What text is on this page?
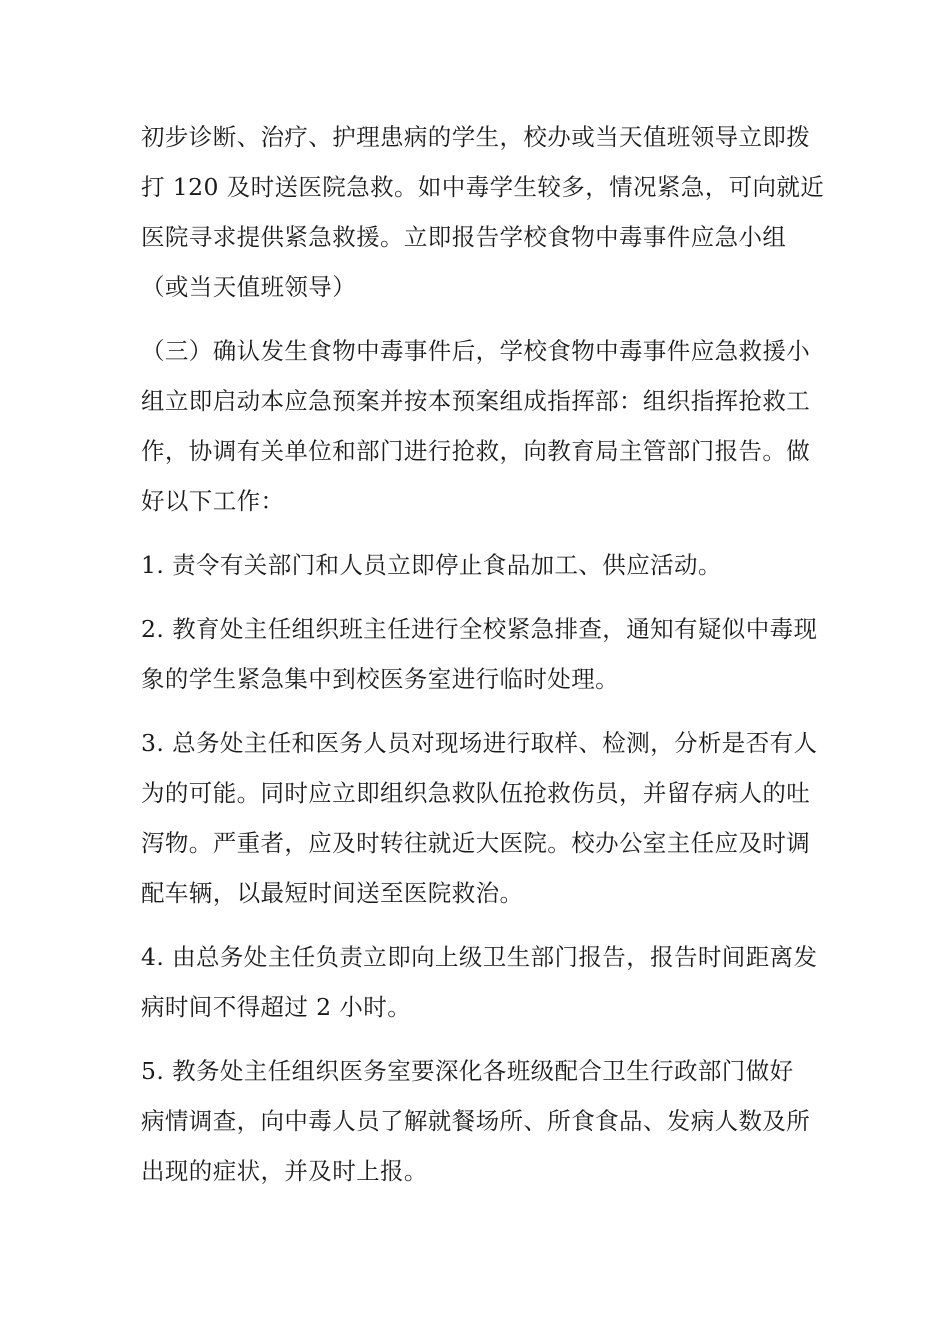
初步诊断、治疗、护理患病的学生，校办或当天值班领导立即拨
打 120 及时送医院急救。如中毒学生较多，情况紧急，可向就近
医院寻求提供紧急救援。立即报告学校食物中毒事件应急小组
（或当天值班领导）
（三）确认发生食物中毒事件后，学校食物中毒事件应急救援小
组立即启动本应急预案并按本预案组成指挥部：组织指挥抢救工
作，协调有关单位和部门进行抢救，向教育局主管部门报告。做
好以下工作：
1. 责令有关部门和人员立即停止食品加工、供应活动。
2. 教育处主任组织班主任进行全校紧急排查，通知有疑似中毒现
象的学生紧急集中到校医务室进行临时处理。
3. 总务处主任和医务人员对现场进行取样、检测，分析是否有人
为的可能。同时应立即组织急救队伍抢救伤员，并留存病人的吐
泻物。严重者，应及时转往就近大医院。校办公室主任应及时调
配车辆，以最短时间送至医院救治。
4. 由总务处主任负责立即向上级卫生部门报告，报告时间距离发
病时间不得超过 2 小时。
5. 教务处主任组织医务室要深化各班级配合卫生行政部门做好
病情调查，向中毒人员了解就餐场所、所食食品、发病人数及所
出现的症状，并及时上报。
